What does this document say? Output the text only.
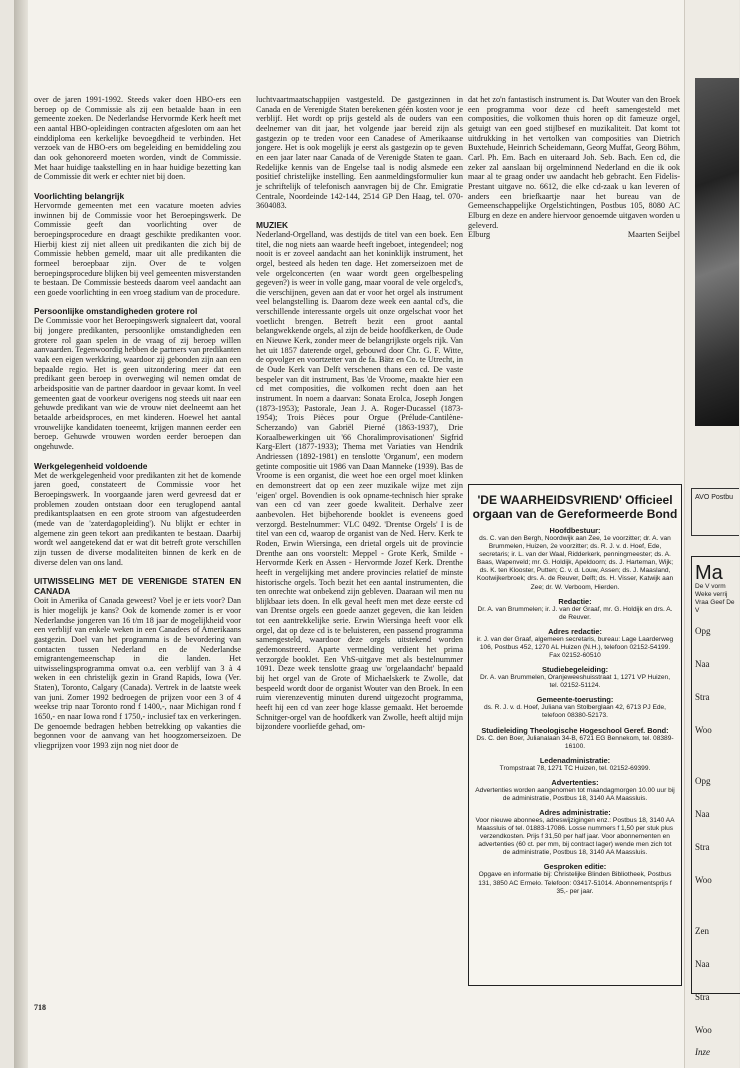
over de jaren 1991-1992. Steeds vaker doen HBO-ers een beroep op de Commissie als zij een betaalde baan in een gemeente zoeken. De Nederlandse Hervormde Kerk heeft met een aantal HBO-opleidingen contracten afgesloten om aan het einddiploma een kerkelijke bevoegdheid te verbinden. Het verzoek van de HBO-ers om begeleiding en bemiddeling zou dan ook gehonoreerd moeten worden, vindt de Commissie. Met haar huidige taakstelling en in haar huidige bezetting kan de Commissie dit werk er echter niet bij doen.

Voorlichting belangrijk

Hervormde gemeenten met een vacature moeten advies inwinnen bij de Commissie voor het Beroepingswerk. De Commissie geeft dan voorlichting over de beroepingsprocedure en draagt geschikte predikanten voor. Hierbij kiest zij niet alleen uit predikanten die zich bij de Commissie hebben gemeld, maar uit alle predikanten die formeel beroepbaar zijn. Over de te volgen beroepingsprocedure blijken bij veel gemeenten misverstanden te bestaan. De Commissie besteeds daarom veel aandacht aan een goede voorlichting in een vroeg stadium van de procedure.

Persoonlijke omstandigheden grotere rol

De Commissie voor het Beroepingswerk signaleert dat, vooral bij jongere predikanten, persoonlijke omstandigheden een grotere rol gaan spelen in de vraag of zij beroep willen aanvaarden. Tegenwoordig hebben de partners van predikanten vaak een eigen werkkring, waardoor zij gebonden zijn aan een bepaalde regio. Het is geen uitzondering meer dat een predikant geen beroep in overweging wil nemen omdat de arbeidspositie van de partner daardoor in gevaar komt. In veel gemeenten gaat de voorkeur overigens nog steeds uit naar een gehuwde predikant van wie de vrouw niet deelneemt aan het betaalde arbeidsproces, en met kinderen. Hoewel het aantal vrouwelijke kandidaten toeneemt, krijgen mannen eerder een beroep. Gehuwde vrouwen worden eerder beroepen dan ongehuwde.

Werkgelegenheid voldoende

Met de werkgelegenheid voor predikanten zit het de komende jaren goed, constateert de Commissie voor het Beroepingswerk. In voorgaande jaren werd gevreesd dat er problemen zouden ontstaan door een teruglopend aantal predikantsplaatsen en een grote stroom van afgestudeerden (mede van de 'zaterdagopleiding'). Nu blijkt er echter in algemene zin geen tekort aan predikanten te bestaan. Daarbij wordt wel aangetekend dat er wat dit betreft grote verschillen zijn tussen de diverse modaliteiten binnen de kerk en de diverse delen van ons land.

UITWISSELING MET DE VERENIGDE STATEN EN CANADA

Ooit in Amerika of Canada geweest? Voel je er iets voor? Dan is hier mogelijk je kans? Ook de komende zomer is er voor Nederlandse jongeren van 16 t/m 18 jaar de mogelijkheid voor een verblijf van enkele weken in een Canadees of Amerikaans gastgezin. Doel van het programma is de bevordering van contacten tussen Nederland en de Nederlandse emigrantengemeenschap in die landen. Het uitwisselingsprogramma omvat o.a. een verblijf van 3 à 4 weken in een christelijk gezin in Grand Rapids, Iowa (Ver. Staten), Toronto, Calgary (Canada). Vertrek in de laatste week van juni. Zomer 1992 bedroegen de prijzen voor een 3 of 4 weekse trip naar Toronto rond f 1400,-, naar Michigan rond f 1650,- en naar Iowa rond f 1750,- inclusief tax en verkeringen. De genoemde bedragen hebben betrekking op vakanties die begonnen voor de aanvang van het hoogzomerseizoen. De vliegprijzen voor 1993 zijn nog niet door de

luchtvaartmaatschappijen vastgesteld. De gastgezinnen in Canada en de Verenigde Staten berekenen géén kosten voor je verblijf. Het wordt op prijs gesteld als de ouders van een deelnemer van dit jaar, het volgende jaar bereid zijn als gastgezin op te treden voor een Canadese of Amerikaanse jongere. Het is ook mogelijk je eerst als gastgezin op te geven en een jaar later naar Canada of de Verenigde Staten te gaan. Redelijke kennis van de Engelse taal is nodig alsmede een positief christelijke instelling. Een aanmeldingsformulier kun je schriftelijk of telefonisch aanvragen bij de Chr. Emigratie Centrale, Noordeinde 142-144, 2514 GP Den Haag, tel. 070-3604083.

MUZIEK

Nederland-Orgelland, was destijds de titel van een boek. Een titel, die nog niets aan waarde heeft ingeboet, integendeel; nog nooit is er zoveel aandacht aan het koninklijk instrument, het orgel, besteed als heden ten dage. Het zomerseizoen met de vele orgelconcerten (en waar wordt geen orgelbespeling gegeven?) is weer in volle gang, maar vooral de vele orgelcd's, die verschijnen, geven aan dat er voor het orgel als instrument veel belangstelling is. Daarom deze week een aantal cd's, die verschillende interessante orgels uit onze orgelschat voor het voetlicht brengen. Betreft bezit een groot aantal belangwekkende orgels, al zijn de beide hoofdkerken, de Oude en Nieuwe Kerk, zonder meer de belangrijkste orgels rijk. Van het uit 1857 daterende orgel, gebouwd door Chr. G. F. Witte, de opvolger en voortzetter van de fa. Bätz en Co. te Utrecht, in de Oude Kerk van Delft verschenen thans een cd. De vaste bespeler van dit instrument, Bas 'de Vroome, maakte hier een cd met composities, die volkomen recht doen aan het instrument. In noem a daarvan: Sonata Erolca, Joseph Jongen (1873-1953); Pastorale, Jean J. A. Roger-Ducassel (1873-1954); Trois Pièces pour Orgue (Prélude-Cantilène-Scherzando) van Gabriël Pierné (1863-1937), Drie Koraalbewerkingen uit '66 Choralimprovisationen' Sigfrid Karg-Elert (1877-1933); Thema met Variaties van Hendrik Andriessen (1892-1981) en tenslotte 'Organum', een modern getinte compositie uit 1986 van Daan Manneke (1939). Bas de Vroome is een organist, die weet hoe een orgel moet klinken en demonstreert dat op een zeer muzikale wijze met zijn 'eigen' orgel. Bovendien is ook opname-technisch hier sprake van een cd van zeer goede kwaliteit. Derhalve zeer aanbevolen. Het bijbehorende booklet is eveneens goed verzorgd. Bestelnummer: VLC 0492. 'Drentse Orgels' I is de titel van een cd, waarop de organist van de Ned. Herv. Kerk te Roden, Erwin Wiersinga, een drietal orgels uit de provincie Drenthe aan ons voorstelt: Meppel - Grote Kerk, Smilde - Hervormde Kerk en Assen - Hervormde Jozef Kerk. Drenthe heeft in vergelijking met andere provincies relatief de minste historische orgels. Toch bezit het een aantal instrumenten, die ten onrechte wat onbekend zijn gebleven. Daaraan wil men nu blijkbaar iets doen. In elk geval heeft men met deze eerste cd van Drentse orgels een goede aanzet gegeven, die kan leiden tot een aantrekkelijke serie. Erwin Wiersinga heeft voor elk orgel, dat op deze cd is te beluisteren, een passend programma samengesteld, waardoor deze orgels uitstekend worden gedemonstreerd. Aparte vermelding verdient het prima verzorgde booklet. Een VhS-uitgave met als bestelnummer 1091. Deze week tenslotte graag uw 'orgelaandacht' bepaald bij het orgel van de Grote of Michaelskerk te Zwolle, dat bespeeld wordt door de organist Wouter van den Broek. In een ruim vierenzeventig minuten durend uitgezocht programma, heeft hij een cd van zeer hoge klasse gemaakt. Het beroemde Schnitger-orgel van de hoofdkerk van Zwolle, heeft altijd mijn bijzondere voorliefde gehad, om-

dat het zo'n fantastisch instrument is. Dat Wouter van den Broek een programma voor deze cd heeft samengesteld met composities, die volkomen thuis horen op dit fameuze orgel, getuigt van een goed stijlbesef en muzikaliteit. Dat komt tot uitdrukking in het vertolken van composities van Dietrich Buxtehude, Heinrich Scheidemann, Georg Muffat, Georg Böhm, Carl. Ph. Em. Bach en uiteraard Joh. Seb. Bach. Een cd, die zeker zal aanslaan bij orgelminnend Nederland en die ik ook maar al te graag onder uw aandacht heb gebracht. Een Fidelis-Prestant uitgave no. 6612, die elke cd-zaak u kan leveren of anders een briefkaartje naar het bureau van de Gemeenschappelijke Orgelstichtingen, Postbus 105, 8080 AC Elburg en deze en andere hiervoor genoemde uitgaven worden u geleverd.

Elburg	Maarten Seijbel
'DE WAARHEIDSVRIEND' Officieel orgaan van de Gereformeerde Bond
Hoofdbestuur:
ds. C. van den Bergh, Noordwijk aan Zee, 1e voorzitter; dr. A. van Brummelen, Huizen, 2e voorzitter; ds. R. J. v. d. Hoef, Ede, secretaris; ir. L. van der Waal, Ridderkerk, penningmeester; ds. A. Baas, Wapenveld; mr. G. Holdijk, Apeldoorn; ds. J. Harteman, Wijk; ds. K. ten Klooster, Putten; C. v. d. Louw, Assen; ds. J. Maasland, Kootwijkerbroek; drs. A. de Reuver, Delft; ds. H. Visser, Katwijk aan Zee; dr. W. Verboom, Hierden.
Redactie:
Dr. A. van Brummelen; ir. J. van der Graaf, mr. G. Holdijk en drs. A. de Reuver.
Adres redactie:
ir. J. van der Graaf, algemeen secretaris, bureau: Lage Laarderweg 106, Postbus 452, 1270 AL Huizen (N.H.), telefoon 02152-54199. Fax 02152-60510
Studiebegeleiding:
Dr. A. van Brummelen, Oranjeweeshuisstraat 1, 1271 VP Huizen, tel. 02152-51124.
Gemeente-toerusting:
ds. R. J. v. d. Hoef, Juliana van Stolberglaan 42, 6713 PJ Ede, telefoon 08380-52173.
Studieleiding Theologische Hogeschool Geref. Bond:
Ds. C. den Boer, Julianalaan 34-B, 6721 EG Bennekom, tel. 08389-16100.
Ledenadministratie:
Trompstraat 78, 1271 TC Huizen, tel. 02152-69399.
Advertenties:
Advertenties worden aangenomen tot maandagmorgen 10.00 uur bij de administratie, Postbus 18, 3140 AA Maassluis.
Adres administratie:
Voor nieuwe abonnees, adreswijzigingen enz.: Postbus 18, 3140 AA Maassluis of tel. 01883-17086. Losse nummers f 1,50 per stuk plus verzendkosten. Prijs f 31,50 per half jaar. Voor abonnementen en advertenties (60 ct. per mm, bij contract lager) wende men zich tot de administratie, Postbus 18, 3140 AA Maassluis.
Gesproken editie:
Opgave en informatie bij: Christelijke Blinden Bibliotheek, Postbus 131, 3850 AC Ermelo. Telefoon: 03417-51014. Abonnementsprijs f 35,- per jaar.
718
AVO Postbu
Ma
De V vorm Weke verrij Vraa Geef De V
Opg
Naa
Stra
Woo
Opg
Naa
Stra
Woo
Zen
Naa
Stra
Woo
Inze
